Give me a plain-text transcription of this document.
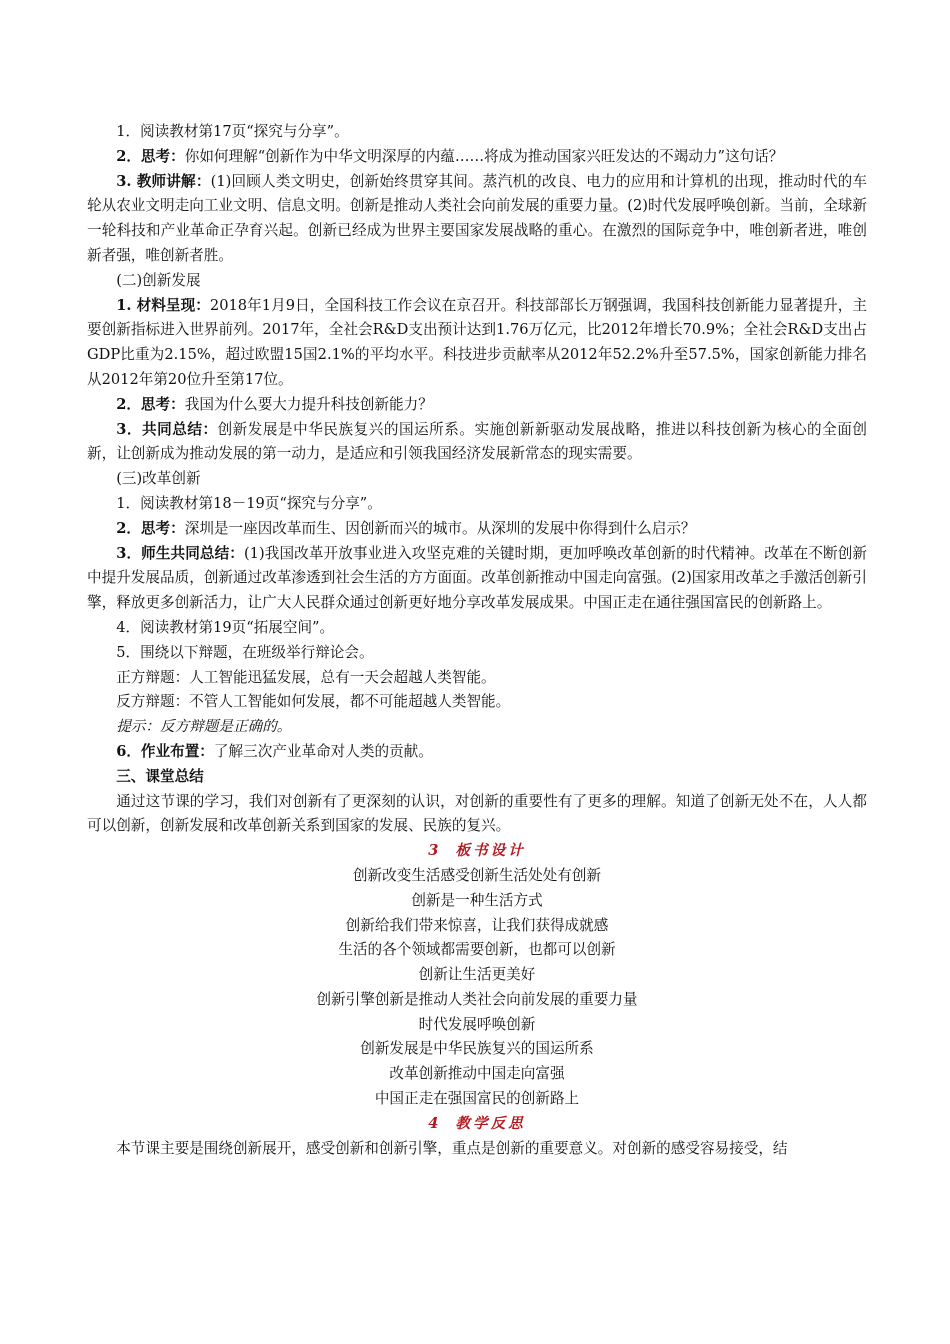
1．阅读教材第17页“探究与分享”。

2．思考：你如何理解“创新作为中华文明深厚的内蕴……将成为推动国家兴旺发达的不竭动力”这句话？

3. 教师讲解：(1)回顾人类文明史，创新始终贯穿其间。蒸汽机的改良、电力的应用和计算机的出现，推动时代的车轮从农业文明走向工业文明、信息文明。创新是推动人类社会向前发展的重要力量。(2)时代发展呼唤创新。当前，全球新一轮科技和产业革命正孕育兴起。创新已经成为世界主要国家发展战略的重心。在激烈的国际竞争中，唯创新者进，唯创新者强，唯创新者胜。

(二)创新发展

1. 材料呈现：2018年1月9日，全国科技工作会议在京召开。科技部部长万钢强调，我国科技创新能力显著提升，主要创新指标进入世界前列。2017年，全社会R&D支出预计达到1.76万亿元，比2012年增长70.9%；全社会R&D支出占GDP比重为2.15%，超过欧盟15国2.1%的平均水平。科技进步贡献率从2012年52.2%升至57.5%，国家创新能力排名从2012年第20位升至第17位。

2．思考：我国为什么要大力提升科技创新能力？

3．共同总结：创新发展是中华民族复兴的国运所系。实施创新新驱动发展战略，推进以科技创新为核心的全面创新，让创新成为推动发展的第一动力，是适应和引领我国经济发展新常态的现实需要。

(三)改革创新

1．阅读教材第18－19页“探究与分享”。

2．思考：深圳是一座因改革而生、因创新而兴的城市。从深圳的发展中你得到什么启示？

3．师生共同总结：(1)我国改革开放事业进入攻坚克难的关键时期，更加呼唤改革创新的时代精神。改革在不断创新中提升发展品质，创新通过改革渗透到社会生活的方方面面。改革创新推动中国走向富强。(2)国家用改革之手激活创新引擎，释放更多创新活力，让广大人民群众通过创新更好地分享改革发展成果。中国正走在通往强国富民的创新路上。

4．阅读教材第19页“拓展空间”。

5．围绕以下辩题，在班级举行辩论会。

正方辩题：人工智能迅猛发展，总有一天会超越人类智能。

反方辩题：不管人工智能如何发展，都不可能超越人类智能。

提示：反方辩题是正确的。

6．作业布置：了解三次产业革命对人类的贡献。

三、课堂总结

通过这节课的学习，我们对创新有了更深刻的认识，对创新的重要性有了更多的理解。知道了创新无处不在，人人都可以创新，创新发展和改革创新关系到国家的发展、民族的复兴。

3 板书设计

创新改变生活感受创新生活处处有创新

创新是一种生活方式

创新给我们带来惊喜，让我们获得成就感

生活的各个领域都需要创新，也都可以创新

创新让生活更美好

创新引擎创新是推动人类社会向前发展的重要力量

时代发展呼唤创新

创新发展是中华民族复兴的国运所系

改革创新推动中国走向富强

中国正走在强国富民的创新路上

4 教学反思

本节课主要是围绕创新展开，感受创新和创新引擎，重点是创新的重要意义。对创新的感受容易接受，结
